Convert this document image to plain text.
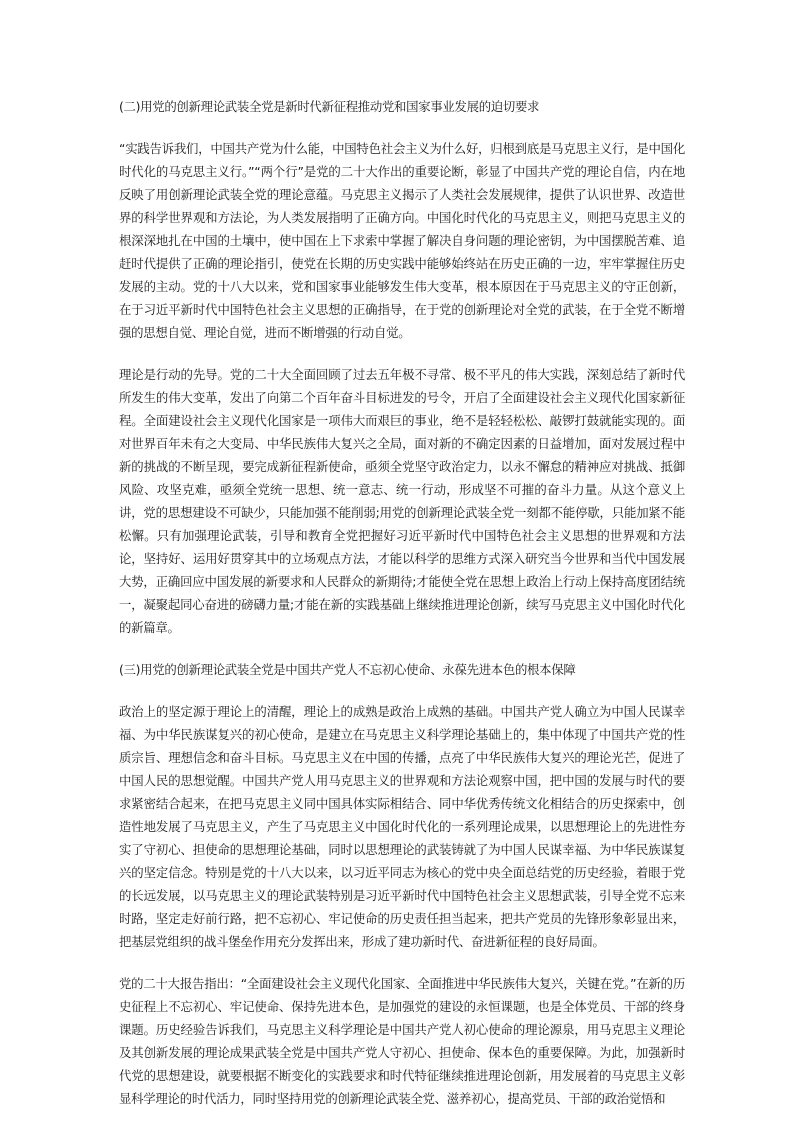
(二)用党的创新理论武装全党是新时代新征程推动党和国家事业发展的迫切要求
“实践告诉我们，中国共产党为什么能，中国特色社会主义为什么好，归根到底是马克思主义行，是中国化时代化的马克思主义行。”“两个行”是党的二十大作出的重要论断，彰显了中国共产党的理论自信，内在地反映了用创新理论武装全党的理论意蕴。马克思主义揭示了人类社会发展规律，提供了认识世界、改造世界的科学世界观和方法论，为人类发展指明了正确方向。中国化时代化的马克思主义，则把马克思主义的根深深地扎在中国的土壤中，使中国在上下求索中掌握了解决自身问题的理论密钥，为中国摆脱苦难、追赶时代提供了正确的理论指引，使党在长期的历史实践中能够始终站在历史正确的一边，牢牢掌握住历史发展的主动。党的十八大以来，党和国家事业能够发生伟大变革，根本原因在于马克思主义的守正创新，在于习近平新时代中国特色社会主义思想的正确指导，在于党的创新理论对全党的武装，在于全党不断增强的思想自觉、理论自觉，进而不断增强的行动自觉。
理论是行动的先导。党的二十大全面回顾了过去五年极不寻常、极不平凡的伟大实践，深刻总结了新时代所发生的伟大变革，发出了向第二个百年奋斗目标进发的号令，开启了全面建设社会主义现代化国家新征程。全面建设社会主义现代化国家是一项伟大而艰巨的事业，绝不是轻轻松松、敲锣打鼓就能实现的。面对世界百年未有之大变局、中华民族伟大复兴之全局，面对新的不确定因素的日益增加，面对发展过程中新的挑战的不断呈现，要完成新征程新使命，亟须全党坚守政治定力，以永不懈怠的精神应对挑战、抵御风险、攻坚克难，亟须全党统一思想、统一意志、统一行动，形成坚不可摧的奋斗力量。从这个意义上讲，党的思想建设不可缺少，只能加强不能削弱;用党的创新理论武装全党一刻都不能停歇，只能加紧不能松懈。只有加强理论武装，引导和教育全党把握好习近平新时代中国特色社会主义思想的世界观和方法论，坚持好、运用好贯穿其中的立场观点方法，才能以科学的思维方式深入研究当今世界和当代中国发展大势，正确回应中国发展的新要求和人民群众的新期待;才能使全党在思想上政治上行动上保持高度团结统一，凝聚起同心奋进的磅礴力量;才能在新的实践基础上继续推进理论创新，续写马克思主义中国化时代化的新篇章。
(三)用党的创新理论武装全党是中国共产党人不忘初心使命、永葆先进本色的根本保障
政治上的坚定源于理论上的清醒，理论上的成熟是政治上成熟的基础。中国共产党人确立为中国人民谋幸福、为中华民族谋复兴的初心使命，是建立在马克思主义科学理论基础上的，集中体现了中国共产党的性质宗旨、理想信念和奋斗目标。马克思主义在中国的传播，点亮了中华民族伟大复兴的理论光芒，促进了中国人民的思想觉醒。中国共产党人用马克思主义的世界观和方法论观察中国，把中国的发展与时代的要求紧密结合起来，在把马克思主义同中国具体实际相结合、同中华优秀传统文化相结合的历史探索中，创造性地发展了马克思主义，产生了马克思主义中国化时代化的一系列理论成果，以思想理论上的先进性夯实了守初心、担使命的思想理论基础，同时以思想理论的武装铸就了为中国人民谋幸福、为中华民族谋复兴的坚定信念。特别是党的十八大以来，以习近平同志为核心的党中央全面总结党的历史经验，着眼于党的长远发展，以马克思主义的理论武装特别是习近平新时代中国特色社会主义思想武装，引导全党不忘来时路，坚定走好前行路，把不忘初心、牢记使命的历史责任担当起来，把共产党员的先锋形象彰显出来，把基层党组织的战斗堡垒作用充分发挥出来，形成了建功新时代、奋进新征程的良好局面。
党的二十大报告指出：“全面建设社会主义现代化国家、全面推进中华民族伟大复兴，关键在党。”在新的历史征程上不忘初心、牢记使命、保持先进本色，是加强党的建设的永恒课题，也是全体党员、干部的终身课题。历史经验告诉我们，马克思主义科学理论是中国共产党人初心使命的理论源泉，用马克思主义理论及其创新发展的理论成果武装全党是中国共产党人守初心、担使命、保本色的重要保障。为此，加强新时代党的思想建设，就要根据不断变化的实践要求和时代特征继续推进理论创新，用发展着的马克思主义彰显科学理论的时代活力，同时坚持用党的创新理论武装全党、滋养初心，提高党员、干部的政治觉悟和
